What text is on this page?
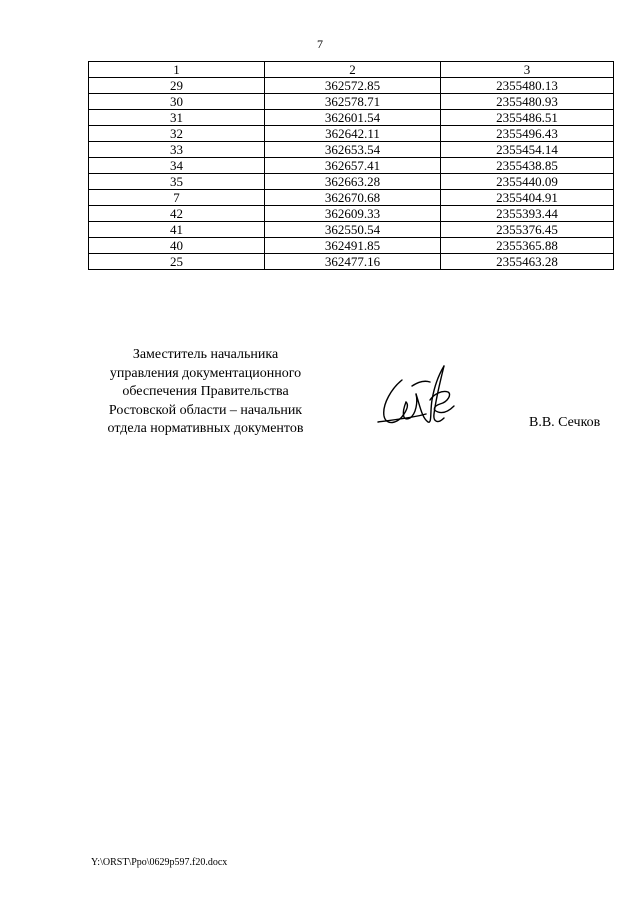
7
1	2	3
29	362572.85	2355480.13
30	362578.71	2355480.93
31	362601.54	2355486.51
32	362642.11	2355496.43
33	362653.54	2355454.14
34	362657.41	2355438.85
35	362663.28	2355440.09
7	362670.68	2355404.91
42	362609.33	2355393.44
41	362550.54	2355376.45
40	362491.85	2355365.88
25	362477.16	2355463.28
Заместитель начальника
управления документационного
обеспечения Правительства
Ростовской области – начальник
отдела нормативных документов	В.В. Сечков
Y:\ORST\Ppo\0629p597.f20.docx
